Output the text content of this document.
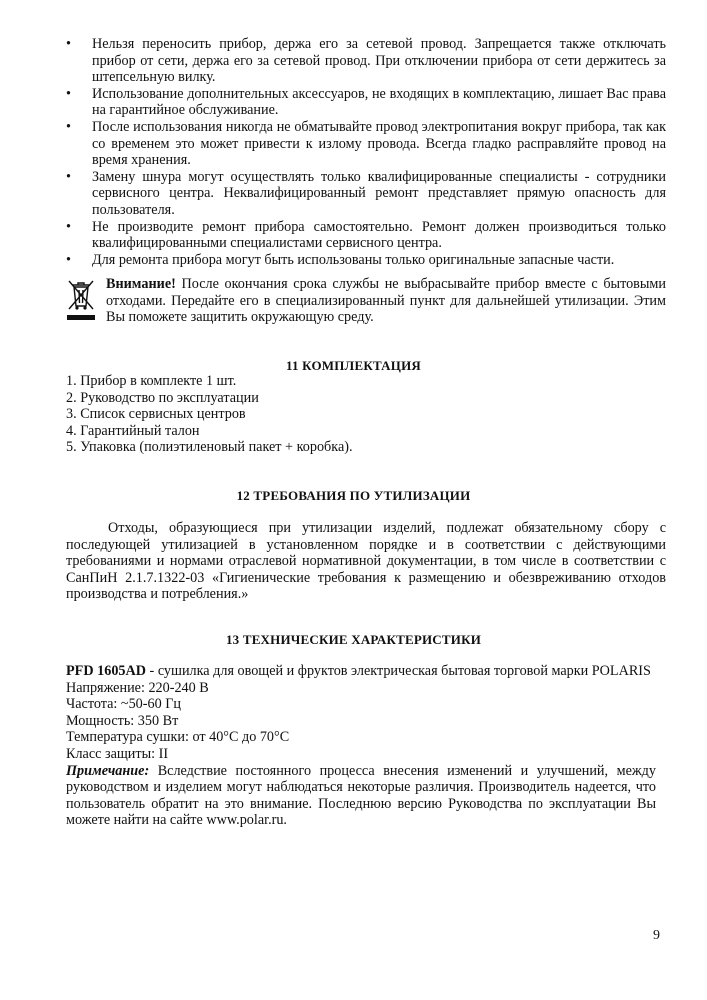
•	Нельзя переносить прибор, держа его за сетевой провод. Запрещается также отключать прибор от сети, держа его за сетевой провод. При отключении прибора от сети держитесь за штепсельную вилку.
•	Использование дополнительных аксессуаров, не входящих в комплектацию, лишает Вас права на гарантийное обслуживание.
•	После использования никогда не обматывайте провод электропитания вокруг прибора, так как со временем это может привести к излому провода. Всегда гладко расправляйте провод на время хранения.
•	Замену шнура могут осуществлять только квалифицированные специалисты - сотрудники сервисного центра. Неквалифицированный ремонт представляет прямую опасность для пользователя.
•	Не производите ремонт прибора самостоятельно. Ремонт должен производиться только квалифицированными специалистами сервисного центра.
•	Для ремонта прибора могут быть использованы только оригинальные запасные части.
Внимание! После окончания срока службы не выбрасывайте прибор вместе с бытовыми отходами. Передайте его в специализированный пункт для дальнейшей утилизации. Этим Вы поможете защитить окружающую среду.
11 КОМПЛЕКТАЦИЯ
1. Прибор в комплекте 1 шт.
2. Руководство по эксплуатации
3. Список сервисных центров
4. Гарантийный талон
5. Упаковка (полиэтиленовый пакет + коробка).
12 ТРЕБОВАНИЯ ПО УТИЛИЗАЦИИ
Отходы, образующиеся при утилизации изделий, подлежат обязательному сбору с последующей утилизацией в установленном порядке и в соответствии с действующими требованиями и нормами отраслевой нормативной документации, в том числе в соответствии с СанПиН 2.1.7.1322-03 «Гигиенические требования к размещению и обезвреживанию отходов производства и потребления.»
13 ТЕХНИЧЕСКИЕ ХАРАКТЕРИСТИКИ
PFD 1605AD - сушилка для овощей и фруктов электрическая бытовая торговой марки POLARIS
Напряжение: 220-240 В
Частота: ~50-60 Гц
Мощность: 350 Вт
Температура сушки: от 40°С до 70°С
Класс защиты: II
Примечание: Вследствие постоянного процесса внесения изменений и улучшений, между руководством и изделием могут наблюдаться некоторые различия. Производитель надеется, что пользователь обратит на это внимание. Последнюю версию Руководства по эксплуатации Вы можете найти на сайте www.polar.ru.
9
